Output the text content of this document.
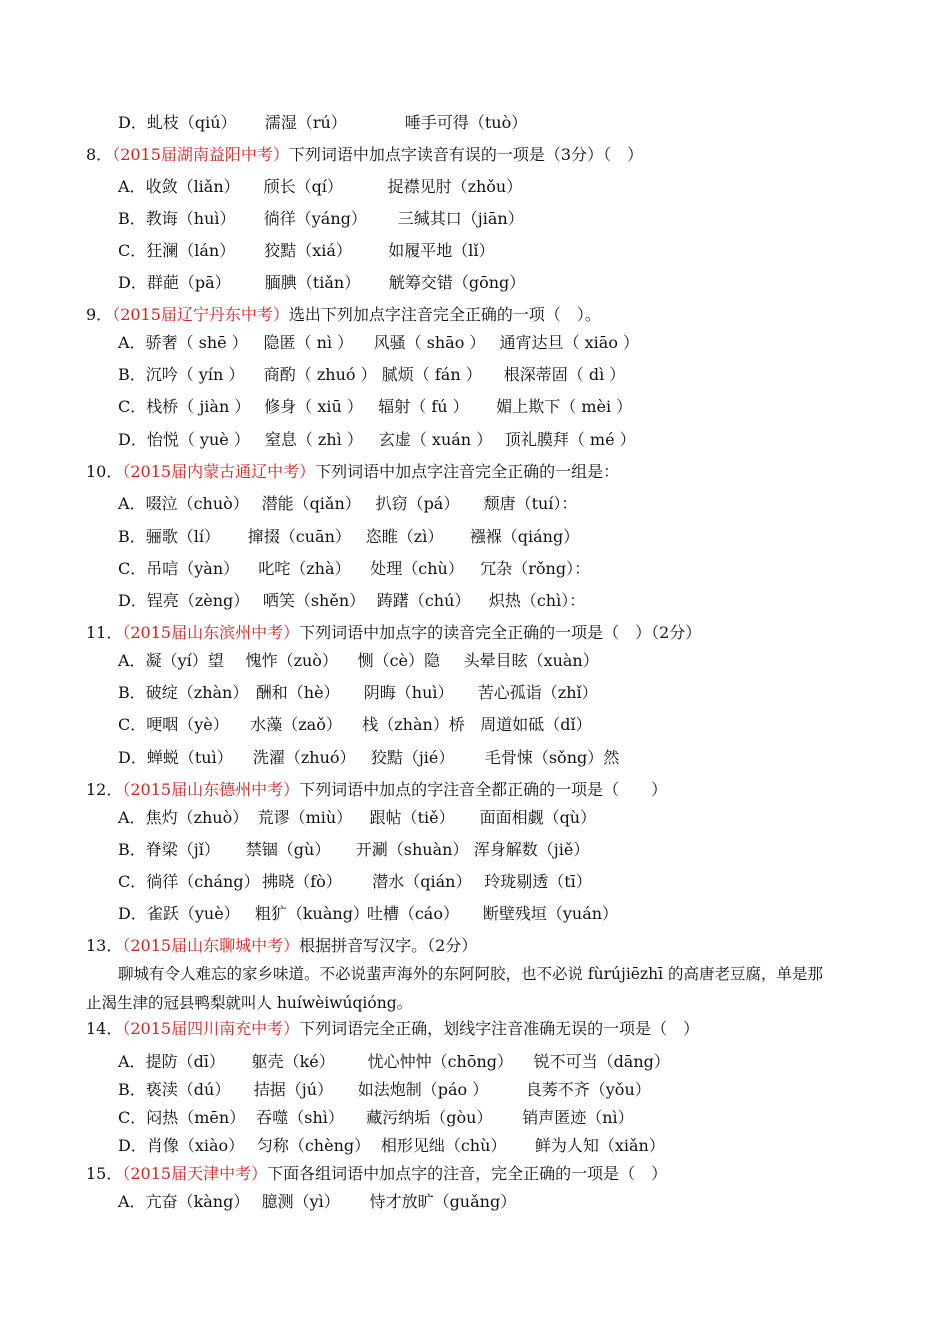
D．虬枝（qiú） 濡湿（rú）	唾手可得（tuò）
8．（2015届湖南益阳中考）下列词语中加点字读音有误的一项是（3分）（　）
A．收敛（liǎn） 颀长（qí）	捉襟见肘（zhǒu）
B．教诲（huì） 徜徉（yáng） 三缄其口（jiān）
C．狂澜（lán） 狡黠（xiá） 如履平地（lǐ）
D．群葩（pā） 腼腆（tiǎn） 觥筹交错（gōng）
9．（2015届辽宁丹东中考）选出下列加点字注音完全正确的一项（　）。
A．骄奢（ shē ） 隐匿（ nì ） 风骚（ shāo ） 通宵达旦（ xiāo ）
B．沉吟（ yín ） 商酌（ zhuó ） 腻烦（ fán ） 根深蒂固（ dì ）
C．栈桥（ jiàn ） 修身（ xiū ） 辐射（ fú ） 媚上欺下（ mèi ）
D．怡悦（ yuè ） 窒息（ zhì ） 玄虚（ xuán ） 顶礼膜拜（ mé ）
10．（2015届内蒙古通辽中考）下列词语中加点字注音完全正确的一组是：
A．啜泣（chuò） 潜能（qiǎn） 扒窃（pá） 颓唐（tuí）：
B．骊歌（lí） 撺掇（cuān） 恣睢（zì） 襁褓（qiáng）
C．吊唁（yàn） 叱咤（zhà） 处理（chù） 冗杂（rǒng）：
D．锃亮（zèng） 哂笑（shěn） 踌躇（chú） 炽热（chì）：
11．（2015届山东滨州中考）下列词语中加点字的读音完全正确的一项是（　）（2分）
A．凝（yí）望 愧怍（zuò） 恻（cè）隐 头晕目眩（xuàn）
B．破绽（zhàn） 酬和（hè） 阴晦（huì） 苦心孤诣（zhǐ）
C．哽咽（yè） 水藻（zaǒ） 栈（zhàn）桥 周道如砥（dǐ）
D．蝉蜕（tuì） 洗濯（zhuó） 狡黠（jié） 毛骨悚（sǒng）然
12．（2015届山东德州中考）下列词语中加点的字注音全都正确的一项是（　　）
A．焦灼（zhuò） 荒谬（miù） 跟帖（tiě） 面面相觑（qù）
B．脊梁（jǐ） 禁锢（gù） 开涮（shuàn） 浑身解数（jiě）
C．徜徉（cháng） 拂晓（fò） 潜水（qián） 玲珑剔透（tī）
D．雀跃（yuè） 粗犷（kuàng）吐槽（cáo） 断壁残垣（yuán）
13．（2015届山东聊城中考）根据拼音写汉字。（2分）
聊城有令人难忘的家乡味道。不必说蜚声海外的东阿阿胶，也不必说 fùrújiēzhī 的高唐老豆腐，单是那
止渴生津的冠县鸭梨就叫人 huíwèiwúqióng。
14．（2015届四川南充中考）下列词语完全正确，划线字注音准确无误的一项是（　）
A．提防（dī） 躯壳（ké） 忧心忡忡（chōng） 锐不可当（dāng）
B．亵渎（dú） 拮据（jú） 如法炮制（páo ） 良莠不齐（yǒu）
C．闷热（mēn） 吞噬（shì） 藏污纳垢（gòu） 销声匿迹（nì）
D．肖像（xiào） 匀称（chèng） 相形见绌（chù） 鲜为人知（xiǎn）
15．（2015届天津中考）下面各组词语中加点字的注音，完全正确的一项是（　）
A．亢奋（kàng） 臆测（yì） 恃才放旷（guǎng）
